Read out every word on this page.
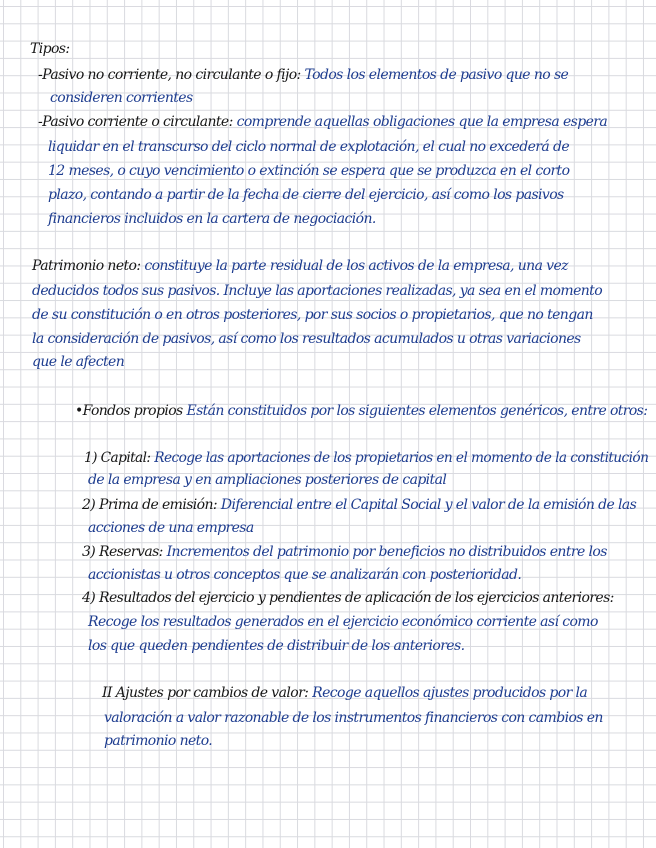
Tipos:
-Pasivo no corriente, no circulante o fijo: Todos los elementos de pasivo que no se
consideren corrientes
-Pasivo corriente o circulante: comprende aquellas obligaciones que la empresa espera
liquidar en el transcurso del ciclo normal de explotación, el cual no excederá de
12 meses, o cuyo vencimiento o extinción se espera que se produzca en el corto
plazo, contando a partir de la fecha de cierre del ejercicio, así como los pasivos
financieros incluidos en la cartera de negociación.
Patrimonio neto: constituye la parte residual de los activos de la empresa, una vez
deducidos todos sus pasivos. Incluye las aportaciones realizadas, ya sea en el momento
de su constitución o en otros posteriores, por sus socios o propietarios, que no tengan
la consideración de pasivos, así como los resultados acumulados u otras variaciones
que le afecten
•Fondos propios Están constituidos por los siguientes elementos genéricos, entre otros:
1) Capital: Recoge las aportaciones de los propietarios en el momento de la constitución
de la empresa y en ampliaciones posteriores de capital
2) Prima de emisión: Diferencial entre el Capital Social y el valor de la emisión de las
acciones de una empresa
3) Reservas: Incrementos del patrimonio por beneficios no distribuidos entre los
accionistas u otros conceptos que se analizarán con posterioridad.
4) Resultados del ejercicio y pendientes de aplicación de los ejercicios anteriores:
Recoge los resultados generados en el ejercicio económico corriente así como
los que queden pendientes de distribuir de los anteriores.
II Ajustes por cambios de valor: Recoge aquellos ajustes producidos por la
valoración a valor razonable de los instrumentos financieros con cambios en
patrimonio neto.
